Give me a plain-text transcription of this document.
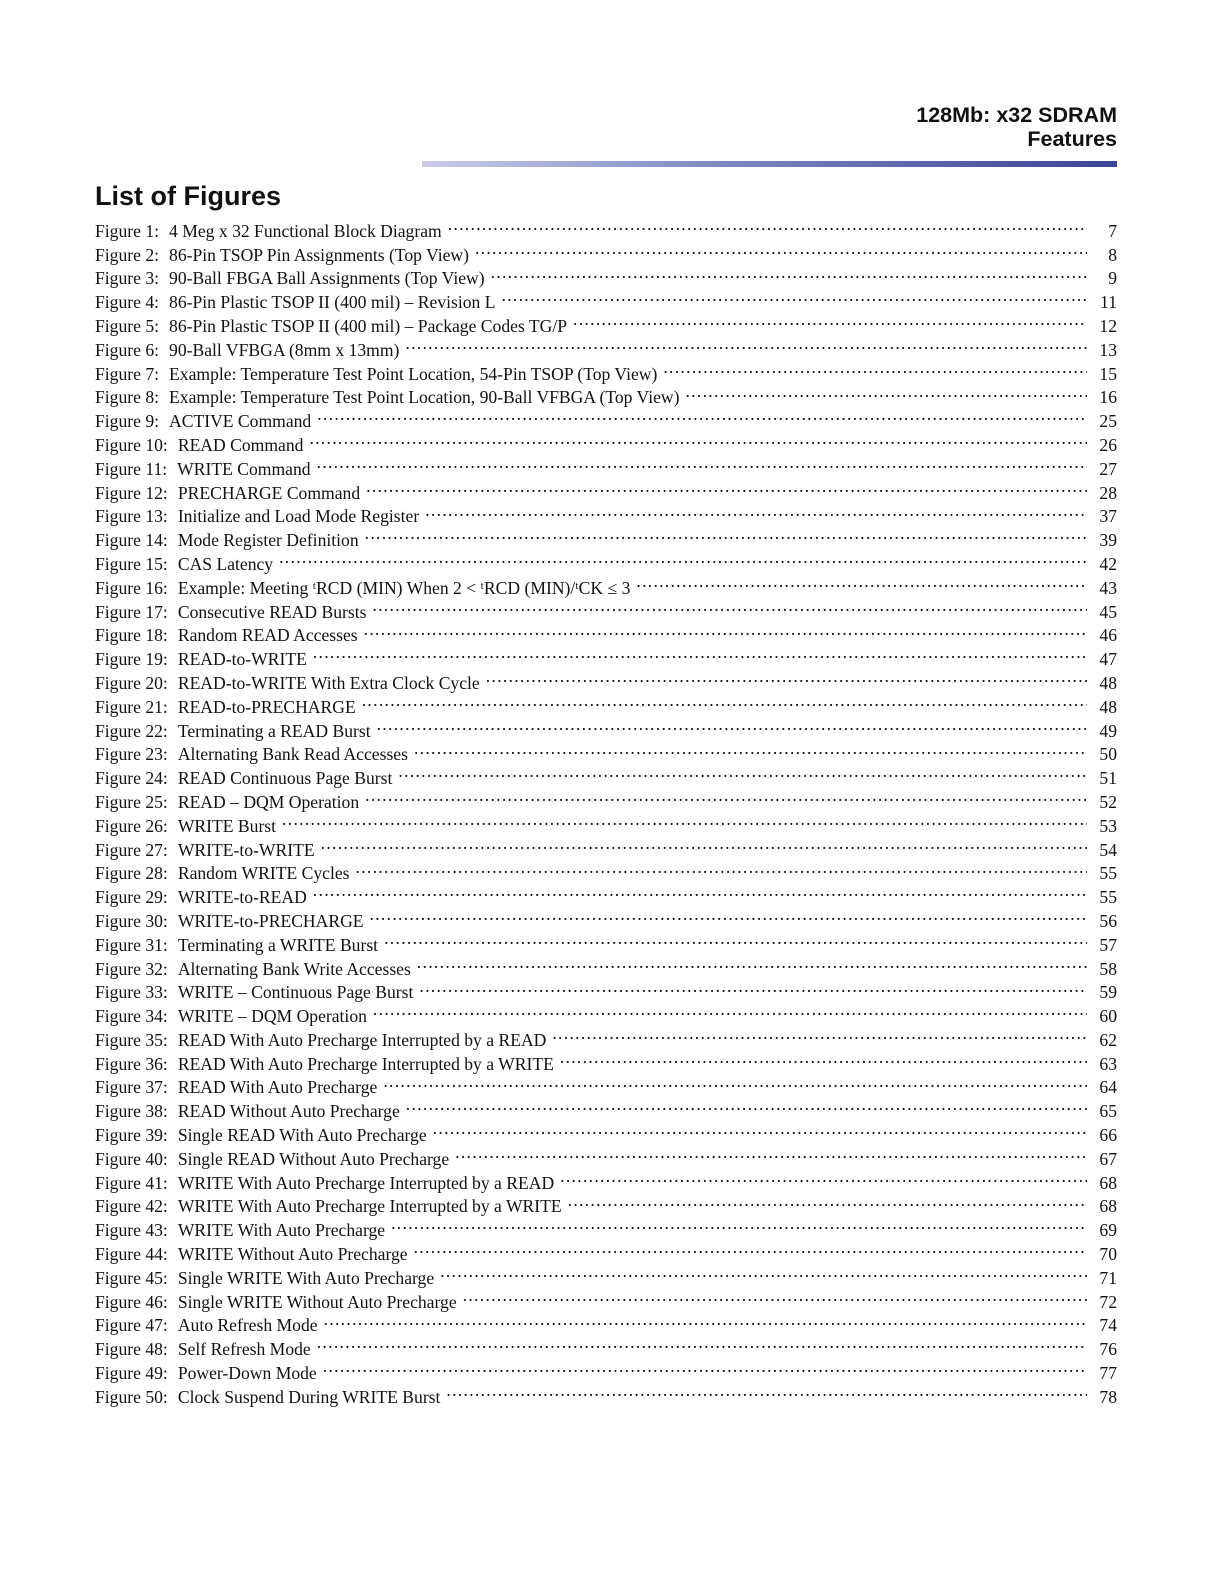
128Mb: x32 SDRAM
Features
List of Figures
Figure 1: 4 Meg x 32 Functional Block Diagram . . .	7
Figure 2: 86-Pin TSOP Pin Assignments (Top View) . . .	8
Figure 3: 90-Ball FBGA Ball Assignments (Top View) . . .	9
Figure 4: 86-Pin Plastic TSOP II (400 mil) – Revision L . . .	11
Figure 5: 86-Pin Plastic TSOP II (400 mil) – Package Codes TG/P . . .	12
Figure 6: 90-Ball VFBGA (8mm x 13mm) . . .	13
Figure 7: Example: Temperature Test Point Location, 54-Pin TSOP (Top View) . . .	15
Figure 8: Example: Temperature Test Point Location, 90-Ball VFBGA (Top View) . . .	16
Figure 9: ACTIVE Command . . .	25
Figure 10: READ Command . . .	26
Figure 11: WRITE Command . . .	27
Figure 12: PRECHARGE Command . . .	28
Figure 13: Initialize and Load Mode Register . . .	37
Figure 14: Mode Register Definition . . .	39
Figure 15: CAS Latency . . .	42
Figure 16: Example: Meeting ᵗRCD (MIN) When 2 < ᵗRCD (MIN)/ᵗCK ≤ 3 . . .	43
Figure 17: Consecutive READ Bursts . . .	45
Figure 18: Random READ Accesses . . .	46
Figure 19: READ-to-WRITE . . .	47
Figure 20: READ-to-WRITE With Extra Clock Cycle . . .	48
Figure 21: READ-to-PRECHARGE . . .	48
Figure 22: Terminating a READ Burst . . .	49
Figure 23: Alternating Bank Read Accesses . . .	50
Figure 24: READ Continuous Page Burst . . .	51
Figure 25: READ – DQM Operation . . .	52
Figure 26: WRITE Burst . . .	53
Figure 27: WRITE-to-WRITE . . .	54
Figure 28: Random WRITE Cycles . . .	55
Figure 29: WRITE-to-READ . . .	55
Figure 30: WRITE-to-PRECHARGE . . .	56
Figure 31: Terminating a WRITE Burst . . .	57
Figure 32: Alternating Bank Write Accesses . . .	58
Figure 33: WRITE – Continuous Page Burst . . .	59
Figure 34: WRITE – DQM Operation . . .	60
Figure 35: READ With Auto Precharge Interrupted by a READ . . .	62
Figure 36: READ With Auto Precharge Interrupted by a WRITE . . .	63
Figure 37: READ With Auto Precharge . . .	64
Figure 38: READ Without Auto Precharge . . .	65
Figure 39: Single READ With Auto Precharge . . .	66
Figure 40: Single READ Without Auto Precharge . . .	67
Figure 41: WRITE With Auto Precharge Interrupted by a READ . . .	68
Figure 42: WRITE With Auto Precharge Interrupted by a WRITE . . .	68
Figure 43: WRITE With Auto Precharge . . .	69
Figure 44: WRITE Without Auto Precharge . . .	70
Figure 45: Single WRITE With Auto Precharge . . .	71
Figure 46: Single WRITE Without Auto Precharge . . .	72
Figure 47: Auto Refresh Mode . . .	74
Figure 48: Self Refresh Mode . . .	76
Figure 49: Power-Down Mode . . .	77
Figure 50: Clock Suspend During WRITE Burst . . .	78
